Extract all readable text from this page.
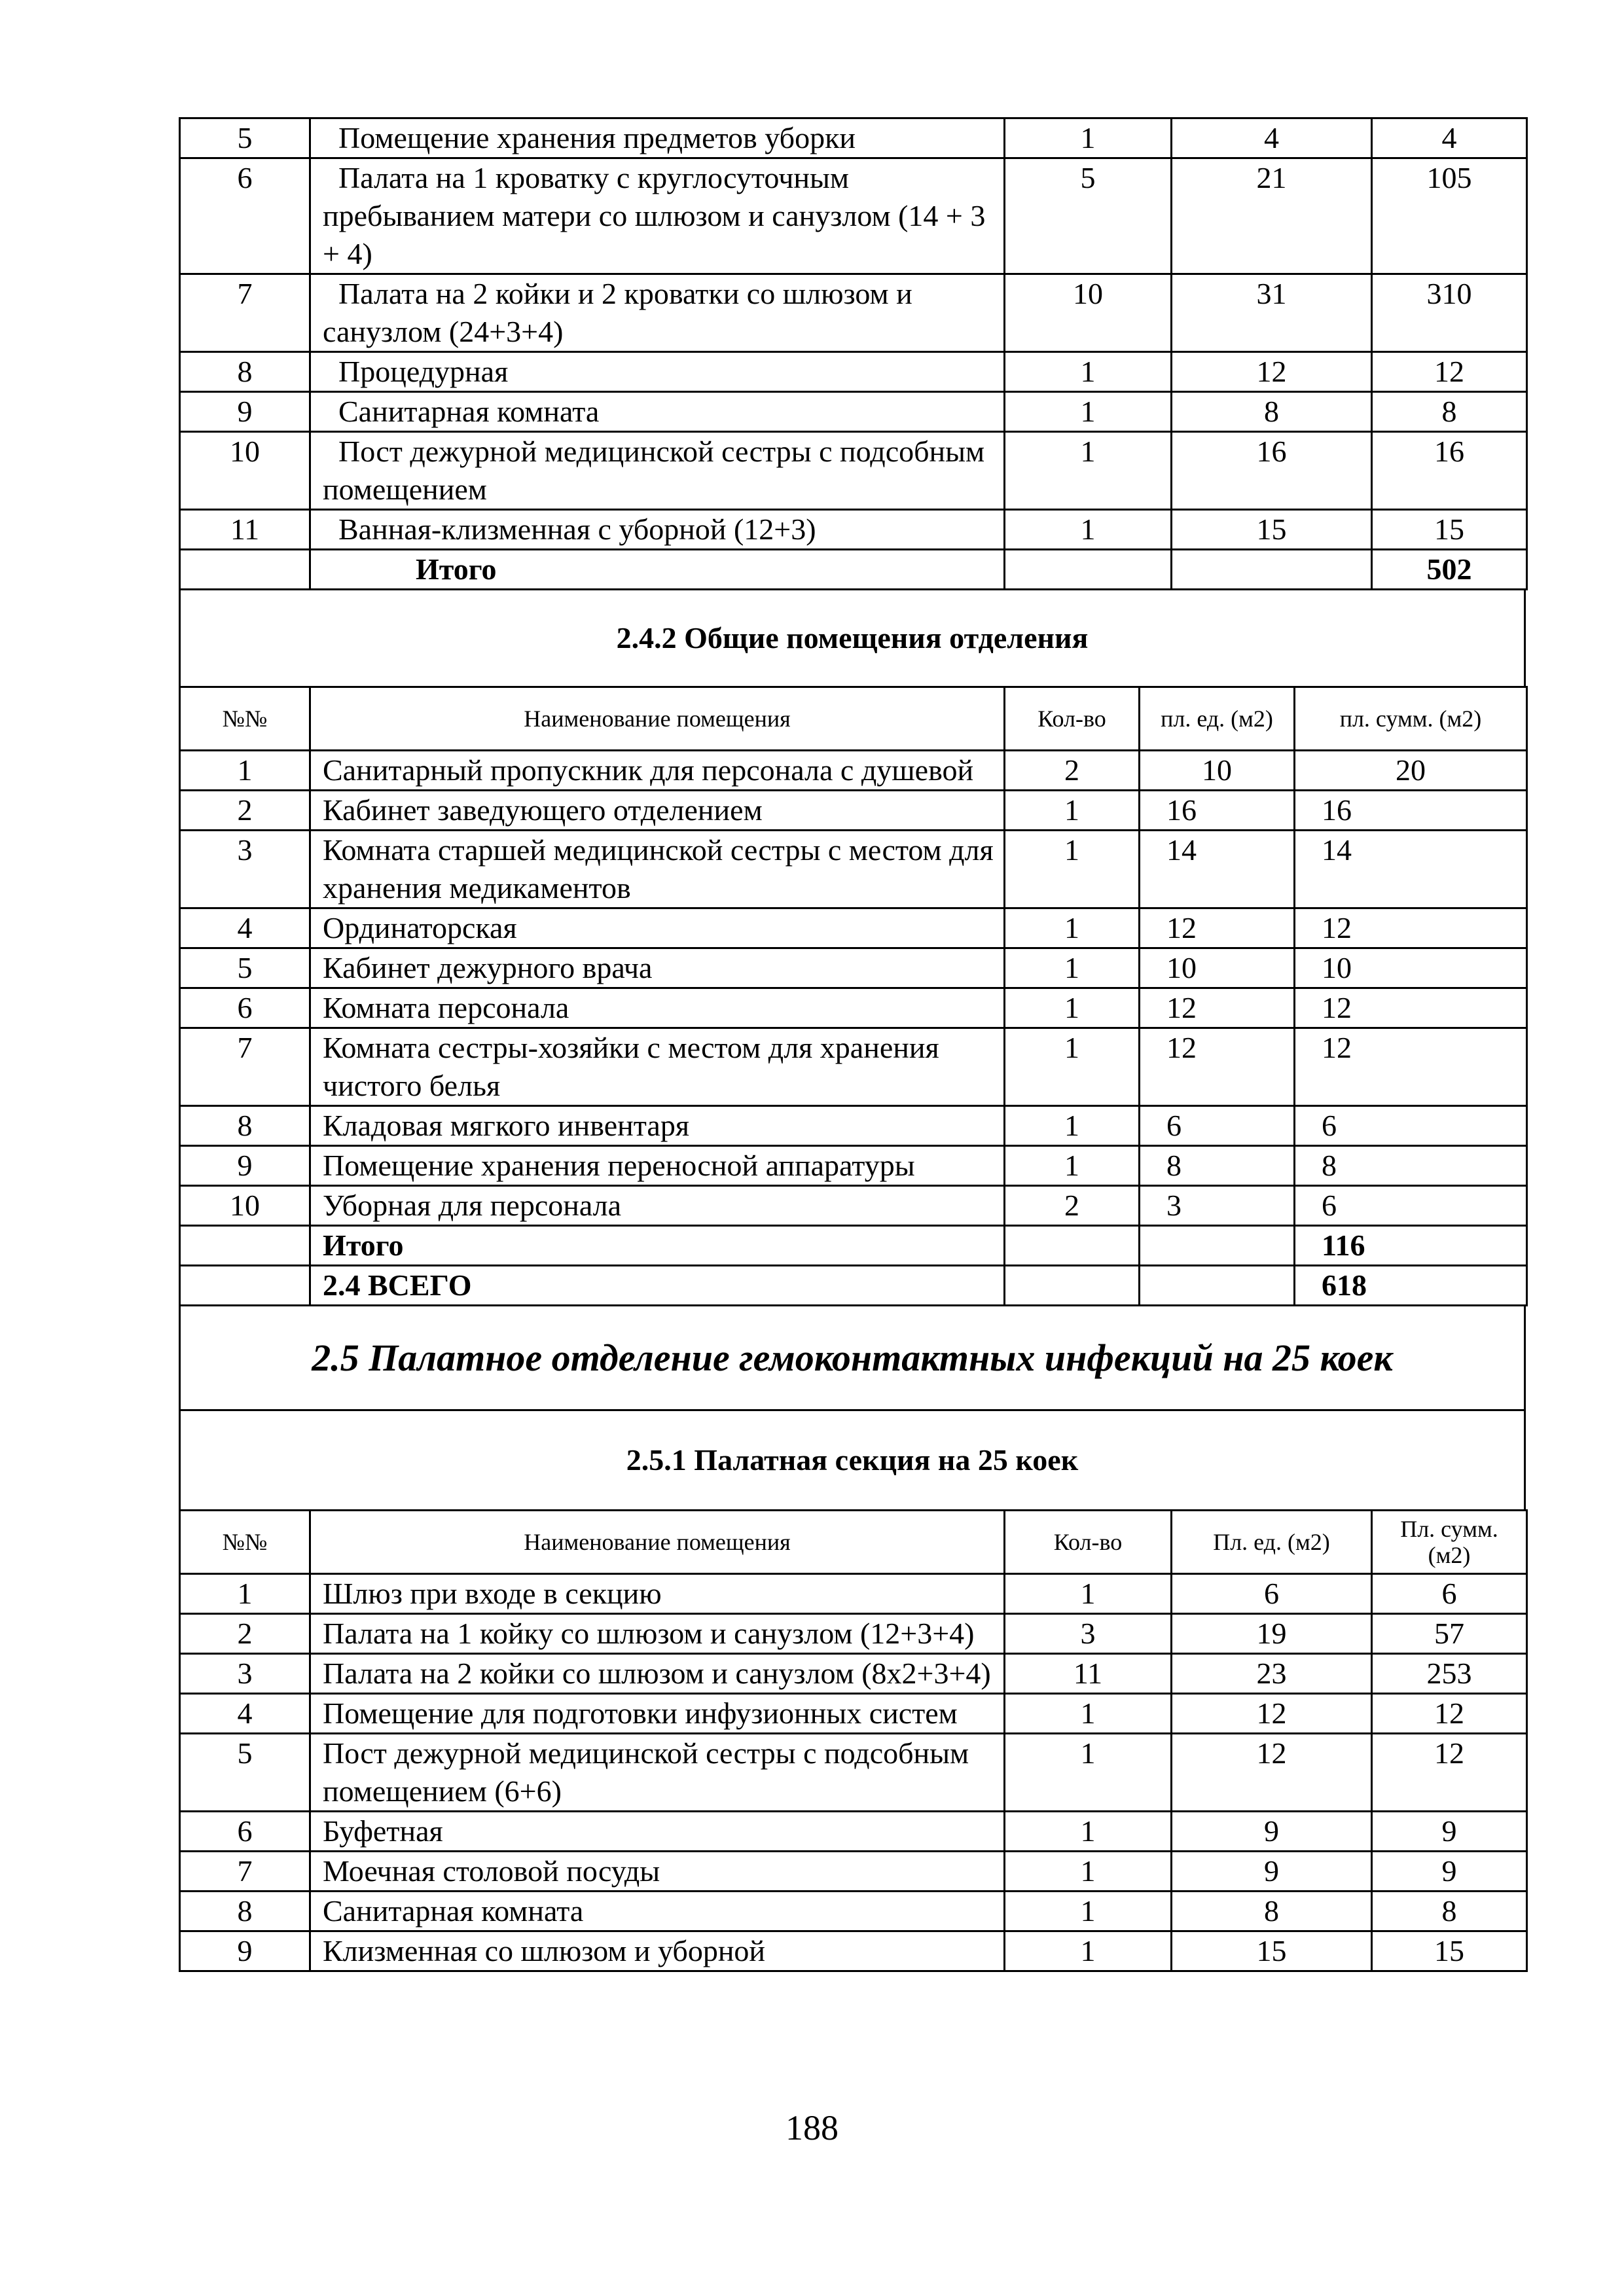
5	Помещение хранения предметов уборки	1	4	4
6	Палата на 1 кроватку с круглосуточным пребыванием матери со шлюзом и санузлом (14 + 3 + 4)	5	21	105
7	Палата на 2 койки и 2 кроватки со шлюзом и санузлом (24+3+4)	10	31	310
8	Процедурная	1	12	12
9	Санитарная комната	1	8	8
10	Пост дежурной медицинской сестры с подсобным помещением	1	16	16
11	Ванная-клизменная с уборной (12+3)	1	15	15
	Итого			502
2.4.2 Общие помещения отделения
№№	Наименование помещения	Кол-во	пл. ед. (м2)	пл. сумм. (м2)
1	Санитарный пропускник для персонала с душевой	2	10	20
2	Кабинет заведующего отделением	1	16	16
3	Комната старшей медицинской сестры с местом для хранения медикаментов	1	14	14
4	Ординаторская	1	12	12
5	Кабинет дежурного врача	1	10	10
6	Комната персонала	1	12	12
7	Комната сестры-хозяйки с местом для хранения чистого белья	1	12	12
8	Кладовая мягкого инвентаря	1	6	6
9	Помещение хранения переносной аппаратуры	1	8	8
10	Уборная для персонала	2	3	6
	Итого			116
	2.4 ВСЕГО			618
2.5 Палатное отделение гемоконтактных инфекций на 25 коек
2.5.1 Палатная секция на 25 коек
№№	Наименование помещения	Кол-во	Пл. ед. (м2)	Пл. сумм. (м2)
1	Шлюз при входе в секцию	1	6	6
2	Палата на 1 койку со шлюзом и санузлом (12+3+4)	3	19	57
3	Палата на 2 койки со шлюзом и санузлом (8х2+3+4)	11	23	253
4	Помещение для подготовки инфузионных систем	1	12	12
5	Пост дежурной медицинской сестры с подсобным помещением (6+6)	1	12	12
6	Буфетная	1	9	9
7	Моечная столовой посуды	1	9	9
8	Санитарная комната	1	8	8
9	Клизменная со шлюзом и уборной	1	15	15
188
